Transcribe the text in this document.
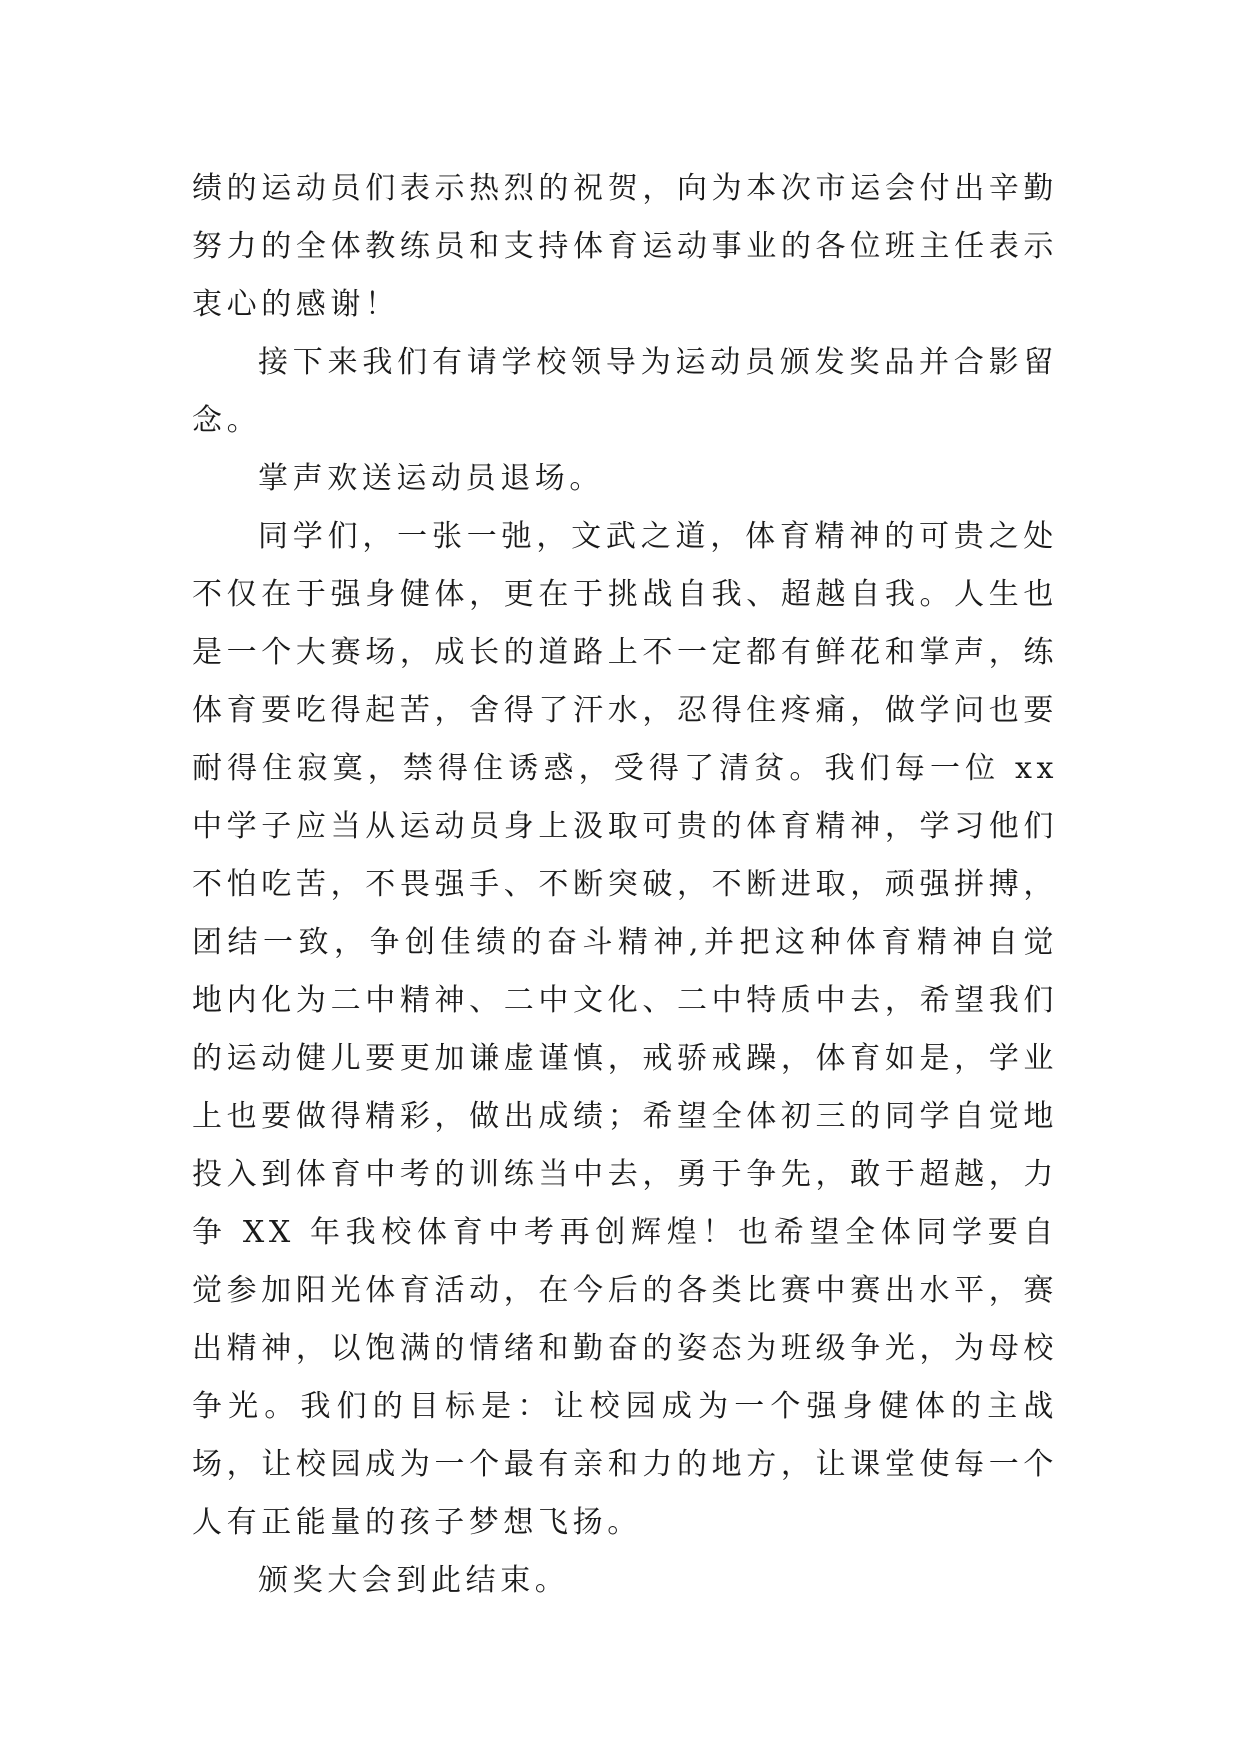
绩的运动员们表示热烈的祝贺，向为本次市运会付出辛勤努力的全体教练员和支持体育运动事业的各位班主任表示衷心的感谢！

接下来我们有请学校领导为运动员颁发奖品并合影留念。

掌声欢送运动员退场。

同学们，一张一弛，文武之道，体育精神的可贵之处不仅在于强身健体，更在于挑战自我、超越自我。人生也是一个大赛场，成长的道路上不一定都有鲜花和掌声，练体育要吃得起苦，舍得了汗水，忍得住疼痛，做学问也要耐得住寂寞，禁得住诱惑，受得了清贫。我们每一位 xx 中学子应当从运动员身上汲取可贵的体育精神，学习他们不怕吃苦，不畏强手、不断突破，不断进取，顽强拼搏，团结一致，争创佳绩的奋斗精神,并把这种体育精神自觉地内化为二中精神、二中文化、二中特质中去，希望我们的运动健儿要更加谦虚谨慎，戒骄戒躁，体育如是，学业上也要做得精彩，做出成绩；希望全体初三的同学自觉地投入到体育中考的训练当中去，勇于争先，敢于超越，力争 XX 年我校体育中考再创辉煌！也希望全体同学要自觉参加阳光体育活动，在今后的各类比赛中赛出水平，赛出精神，以饱满的情绪和勤奋的姿态为班级争光，为母校争光。我们的目标是：让校园成为一个强身健体的主战场，让校园成为一个最有亲和力的地方，让课堂使每一个人有正能量的孩子梦想飞扬。

颁奖大会到此结束。
